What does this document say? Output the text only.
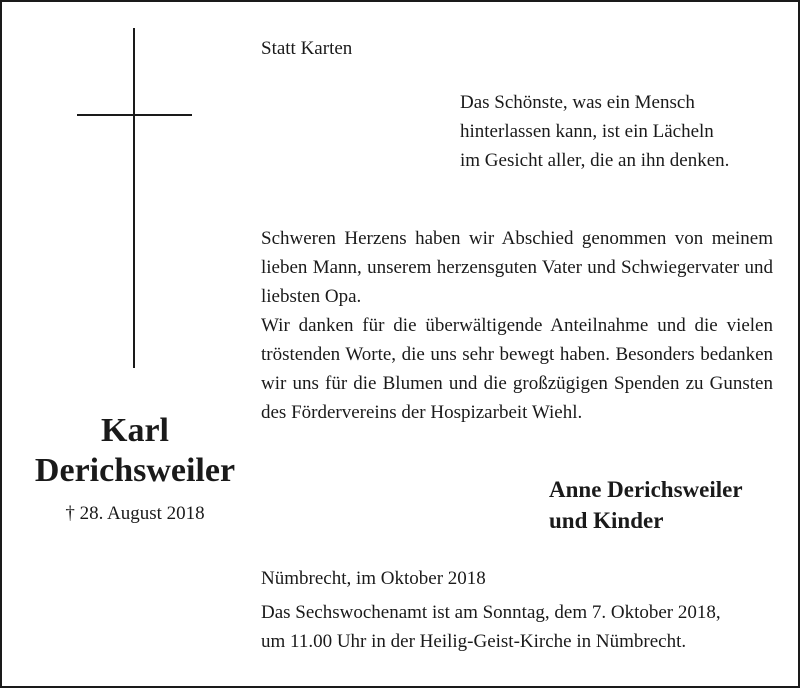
Statt Karten
Das Schönste, was ein Mensch
hinterlassen kann, ist ein Lächeln
im Gesicht aller, die an ihn denken.

Schweren Herzens haben wir Abschied genommen von meinem lieben Mann, unserem herzensguten Vater und Schwiegervater und liebsten Opa.

Wir danken für die überwältigende Anteilnahme und die vielen tröstenden Worte, die uns sehr bewegt haben. Besonders bedanken wir uns für die Blumen und die großzügigen Spenden zu Gunsten des Fördervereins der Hospizarbeit Wiehl.

Karl
Derichsweiler
† 28. August 2018
Anne Derichsweiler
und Kinder
Nümbrecht, im Oktober 2018
Das Sechswochenamt ist am Sonntag, dem 7. Oktober 2018,
um 11.00 Uhr in der Heilig-Geist-Kirche in Nümbrecht.
